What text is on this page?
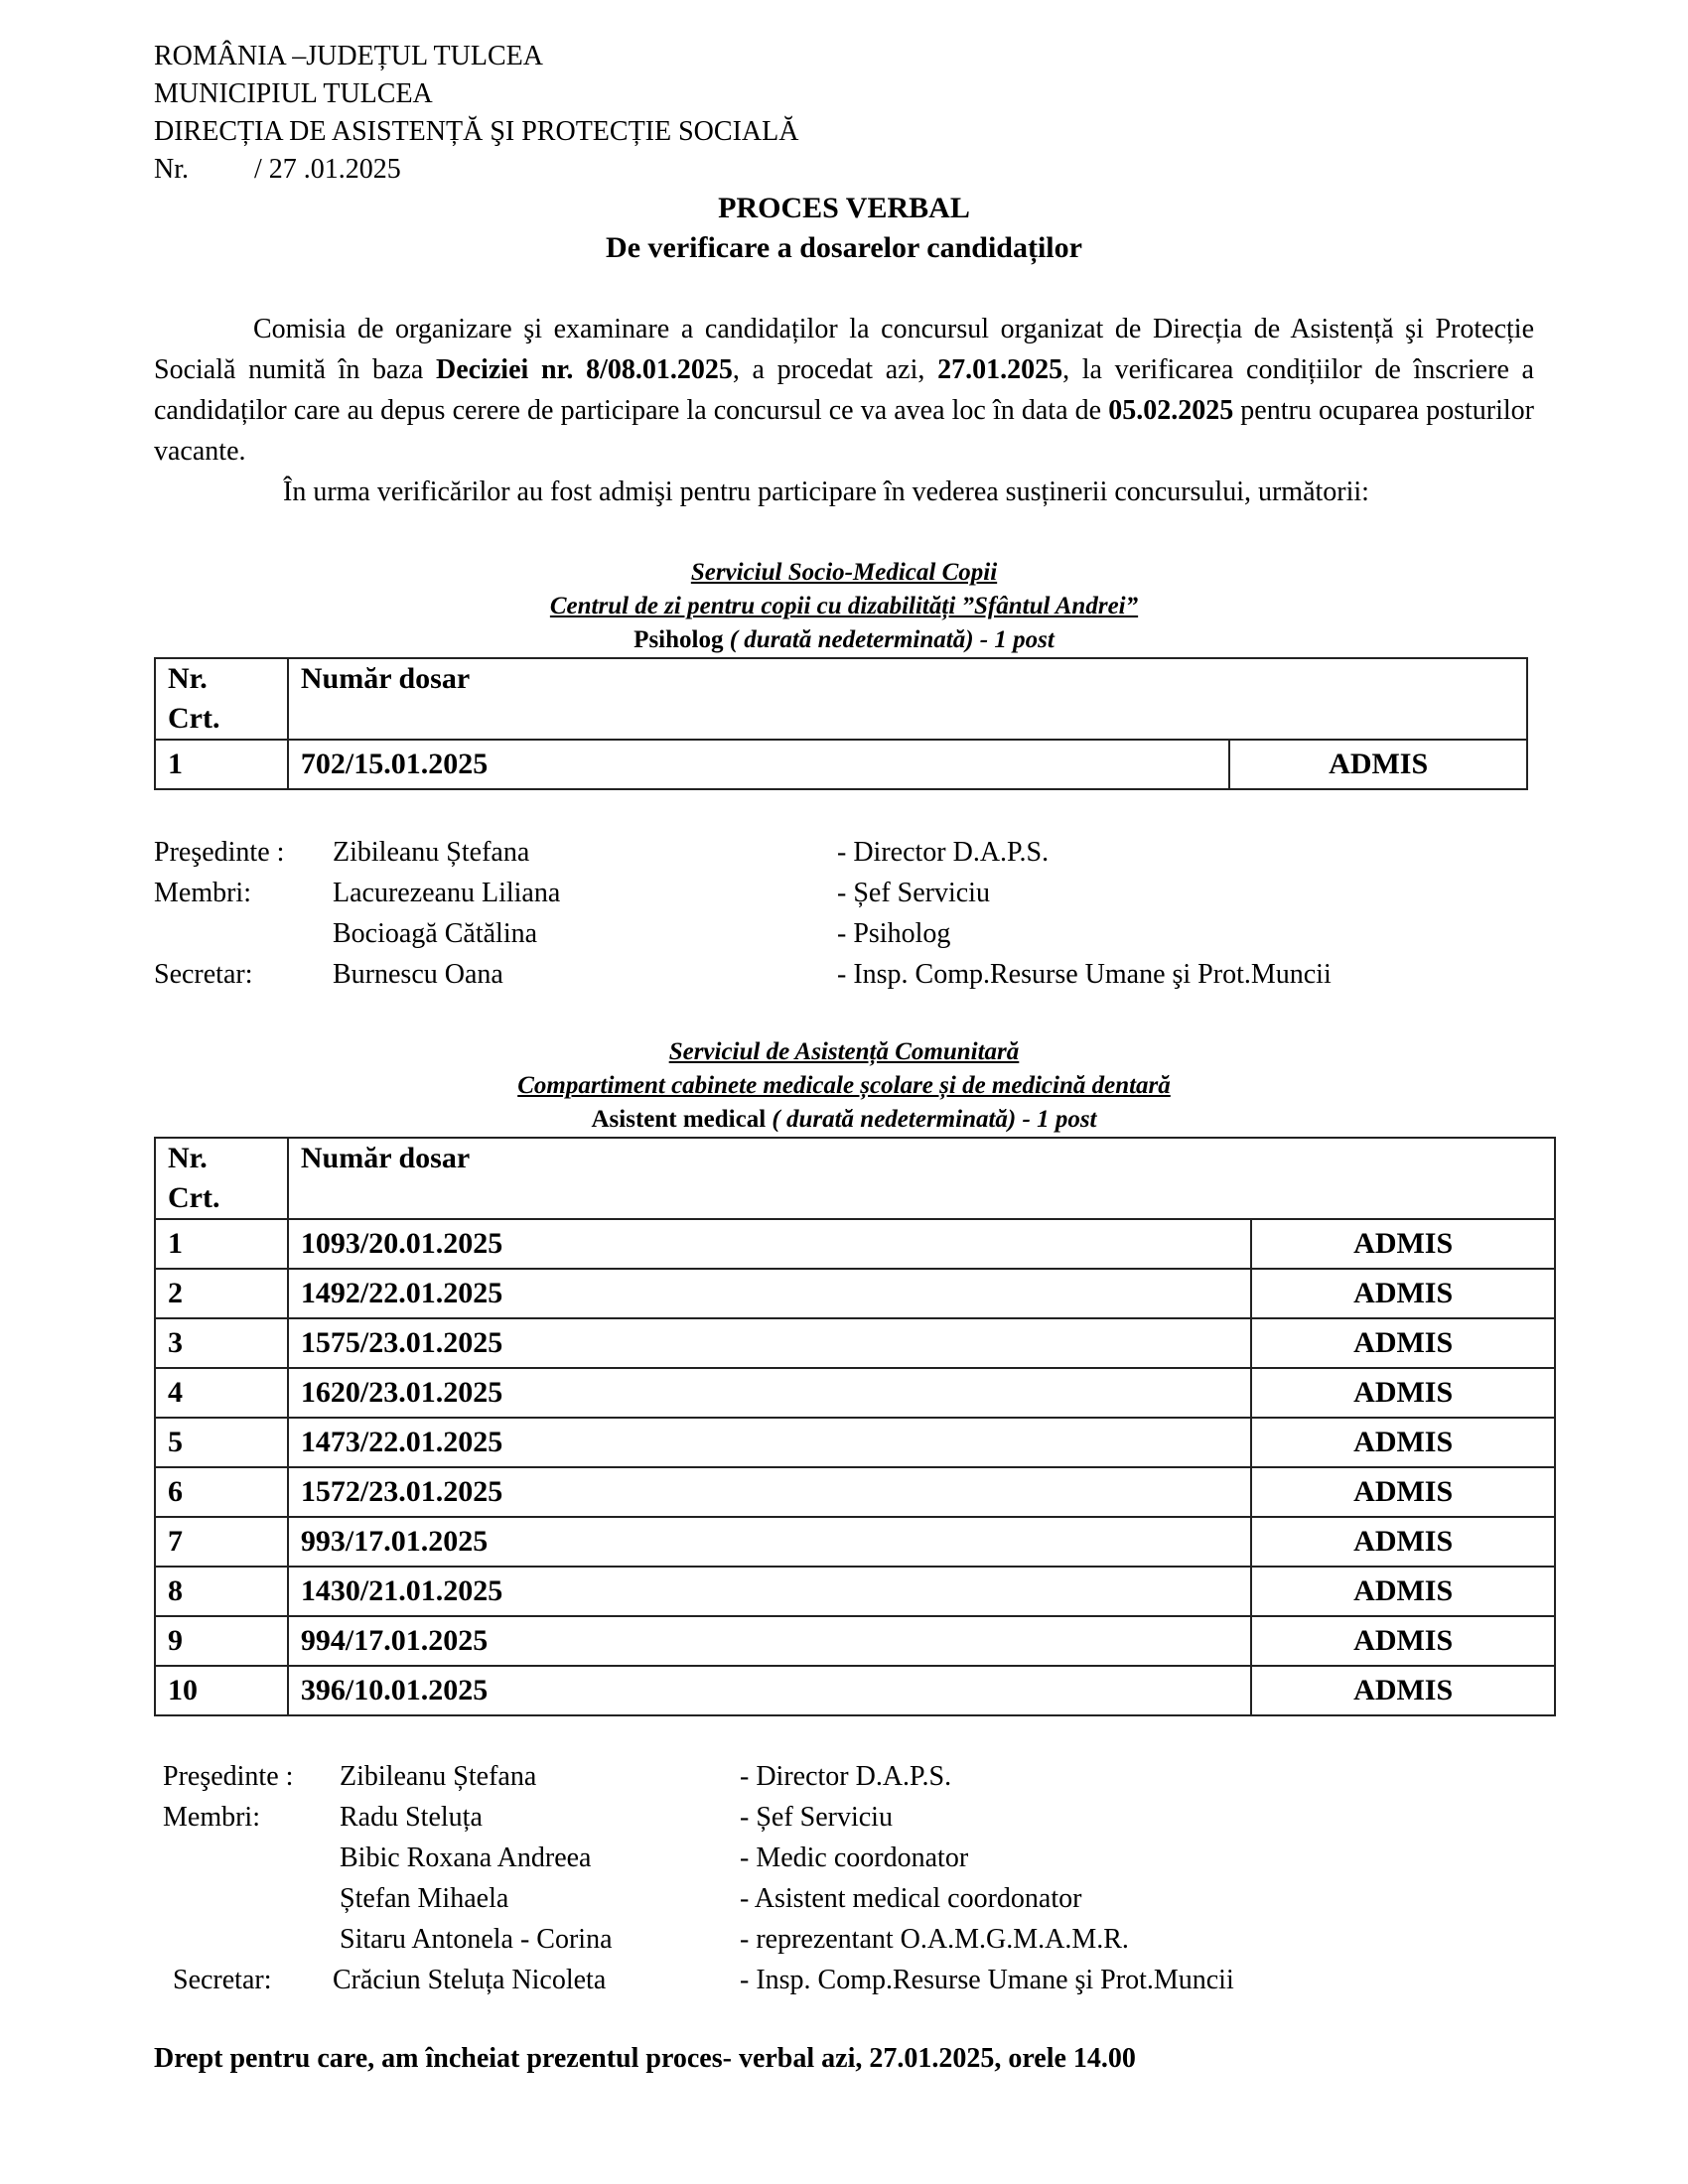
ROMÂNIA –JUDEȚUL TULCEA
MUNICIPIUL TULCEA
DIRECȚIA DE ASISTENȚĂ ŞI PROTECȚIE SOCIALĂ
Nr. / 27 .01.2025
PROCES VERBAL
De verificare a dosarelor candidaților

Comisia de organizare şi examinare a candidaților la concursul organizat de Direcția de Asistență şi Protecție Socială numită în baza Deciziei nr. 8/08.01.2025, a procedat azi, 27.01.2025, la verificarea condițiilor de înscriere a candidaților care au depus cerere de participare la concursul ce va avea loc în data de 05.02.2025 pentru ocuparea posturilor vacante.

În urma verificărilor au fost admişi pentru participare în vederea susținerii concursului, următorii:

Serviciul Socio-Medical Copii
Centrul de zi pentru copii cu dizabilități ”Sfântul Andrei”
Psiholog ( durată nedeterminată) - 1 post
Nr.
Crt.	Număr dosar	
1	702/15.01.2025	ADMIS
Preşedinte : Zibileanu Ștefana	- Director D.A.P.S.
Membri:	Lacurezeanu Liliana	- Șef Serviciu
Bocioagă Cătălina	- Psiholog
Secretar:	Burnescu Oana	- Insp. Comp.Resurse Umane şi Prot.Muncii
Serviciul de Asistență Comunitară
Compartiment cabinete medicale școlare și de medicină dentară
Asistent medical ( durată nedeterminată) - 1 post
Nr.
Crt.	Număr dosar	
1	1093/20.01.2025	ADMIS
2	1492/22.01.2025	ADMIS
3	1575/23.01.2025	ADMIS
4	1620/23.01.2025	ADMIS
5	1473/22.01.2025	ADMIS
6	1572/23.01.2025	ADMIS
7	993/17.01.2025	ADMIS
8	1430/21.01.2025	ADMIS
9	994/17.01.2025	ADMIS
10	396/10.01.2025	ADMIS
Preşedinte : Zibileanu Ștefana	- Director D.A.P.S.
Membri:	Radu Steluța	- Șef Serviciu
Bibic Roxana Andreea	- Medic coordonator
Ștefan Mihaela	- Asistent medical coordonator
Sitaru Antonela - Corina	- reprezentant O.A.M.G.M.A.M.R.
Secretar: Crăciun Steluța Nicoleta	- Insp. Comp.Resurse Umane şi Prot.Muncii
Drept pentru care, am încheiat prezentul proces- verbal azi, 27.01.2025, orele 14.00
